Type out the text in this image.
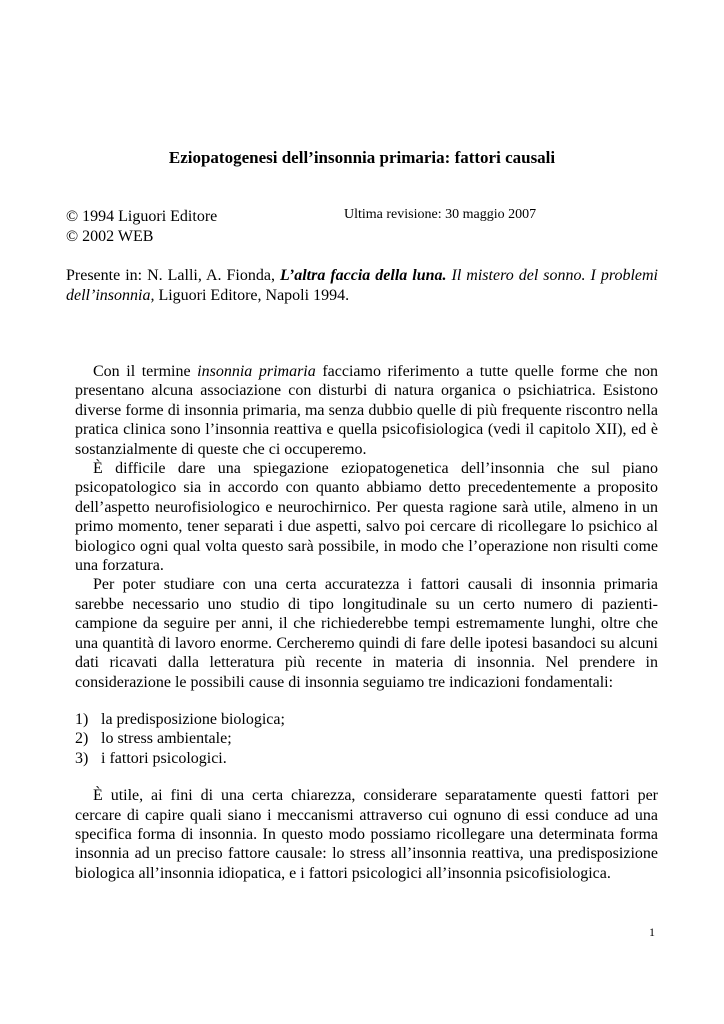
Eziopatogenesi dell’insonnia primaria: fattori causali
© 1994 Liguori Editore
© 2002 WEB
Ultima revisione: 30 maggio 2007
Presente in: N. Lalli, A. Fionda, L’altra faccia della luna. Il mistero del sonno. I problemi dell’insonnia, Liguori Editore, Napoli 1994.

Con il termine insonnia primaria facciamo riferimento a tutte quelle forme che non presentano alcuna associazione con disturbi di natura organica o psichiatrica. Esistono diverse forme di insonnia primaria, ma senza dubbio quelle di più frequente riscontro nella pratica clinica sono l’insonnia reattiva e quella psicofisiologica (vedi il capitolo XII), ed è sostanzialmente di queste che ci occuperemo.

È difficile dare una spiegazione eziopatogenetica dell’insonnia che sul piano psicopatologico sia in accordo con quanto abbiamo detto precedentemente a proposito dell’aspetto neurofisiologico e neurochirnico. Per questa ragione sarà utile, almeno in un primo momento, tener separati i due aspetti, salvo poi cercare di ricollegare lo psichico al biologico ogni qual volta questo sarà possibile, in modo che l’operazione non risulti come una forzatura.

Per poter studiare con una certa accuratezza i fattori causali di insonnia primaria sarebbe necessario uno studio di tipo longitudinale su un certo numero di pazienti-campione da seguire per anni, il che richiederebbe tempi estremamente lunghi, oltre che una quantità di lavoro enorme. Cercheremo quindi di fare delle ipotesi basandoci su alcuni dati ricavati dalla letteratura più recente in materia di insonnia. Nel prendere in considerazione le possibili cause di insonnia seguiamo tre indicazioni fondamentali:

1) la predisposizione biologica;
2) lo stress ambientale;
3) i fattori psicologici.

È utile, ai fini di una certa chiarezza, considerare separatamente questi fattori per cercare di capire quali siano i meccanismi attraverso cui ognuno di essi conduce ad una specifica forma di insonnia. In questo modo possiamo ricollegare una determinata forma insonnia ad un preciso fattore causale: lo stress all’insonnia reattiva, una predisposizione biologica all’insonnia idiopatica, e i fattori psicologici all’insonnia psicofisiologica.

1
